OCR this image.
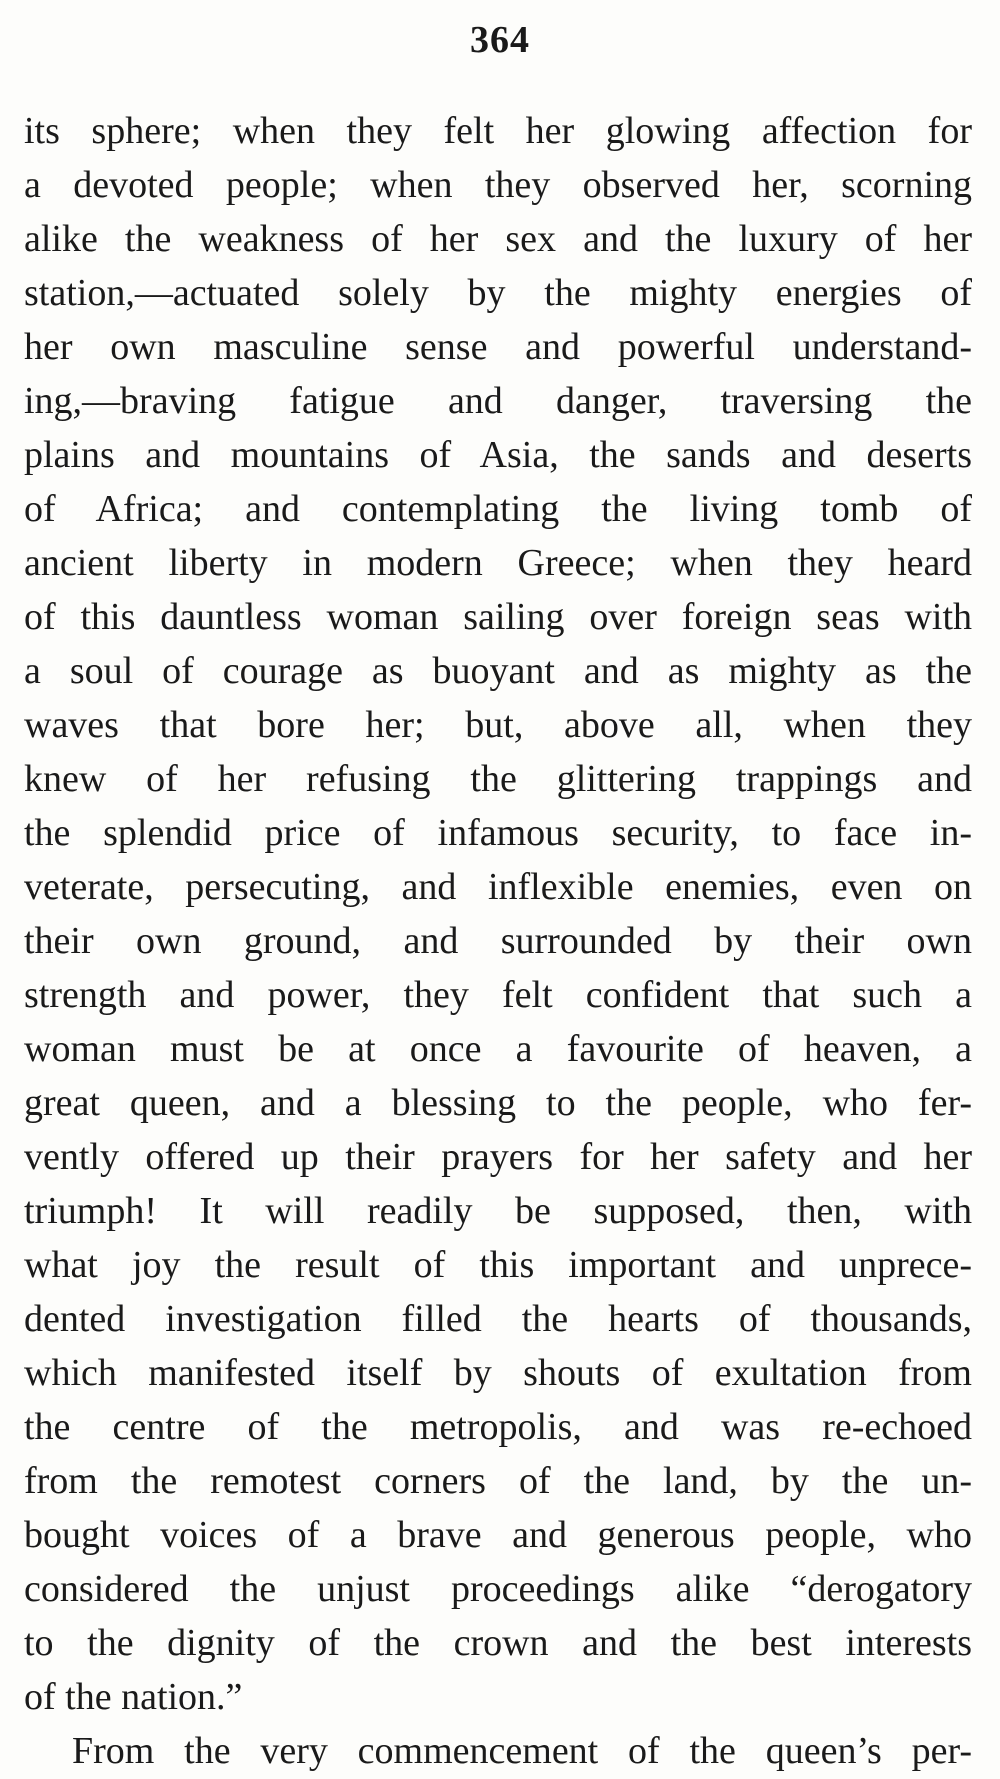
364
its sphere; when they felt her glowing affection for
a devoted people; when they observed her, scorning
alike the weakness of her sex and the luxury of her
station,—actuated solely by the mighty energies of
her own masculine sense and powerful understand-
ing,—braving fatigue and danger, traversing the
plains and mountains of Asia, the sands and deserts
of Africa; and contemplating the living tomb of
ancient liberty in modern Greece; when they heard
of this dauntless woman sailing over foreign seas with
a soul of courage as buoyant and as mighty as the
waves that bore her; but, above all, when they
knew of her refusing the glittering trappings and
the splendid price of infamous security, to face in-
veterate, persecuting, and inflexible enemies, even on
their own ground, and surrounded by their own
strength and power, they felt confident that such a
woman must be at once a favourite of heaven, a
great queen, and a blessing to the people, who fer-
vently offered up their prayers for her safety and her
triumph! It will readily be supposed, then, with
what joy the result of this important and unprece-
dented investigation filled the hearts of thousands,
which manifested itself by shouts of exultation from
the centre of the metropolis, and was re-echoed
from the remotest corners of the land, by the un-
bought voices of a brave and generous people, who
considered the unjust proceedings alike “derogatory
to the dignity of the crown and the best interests
of the nation.”
From the very commencement of the queen’s per-
